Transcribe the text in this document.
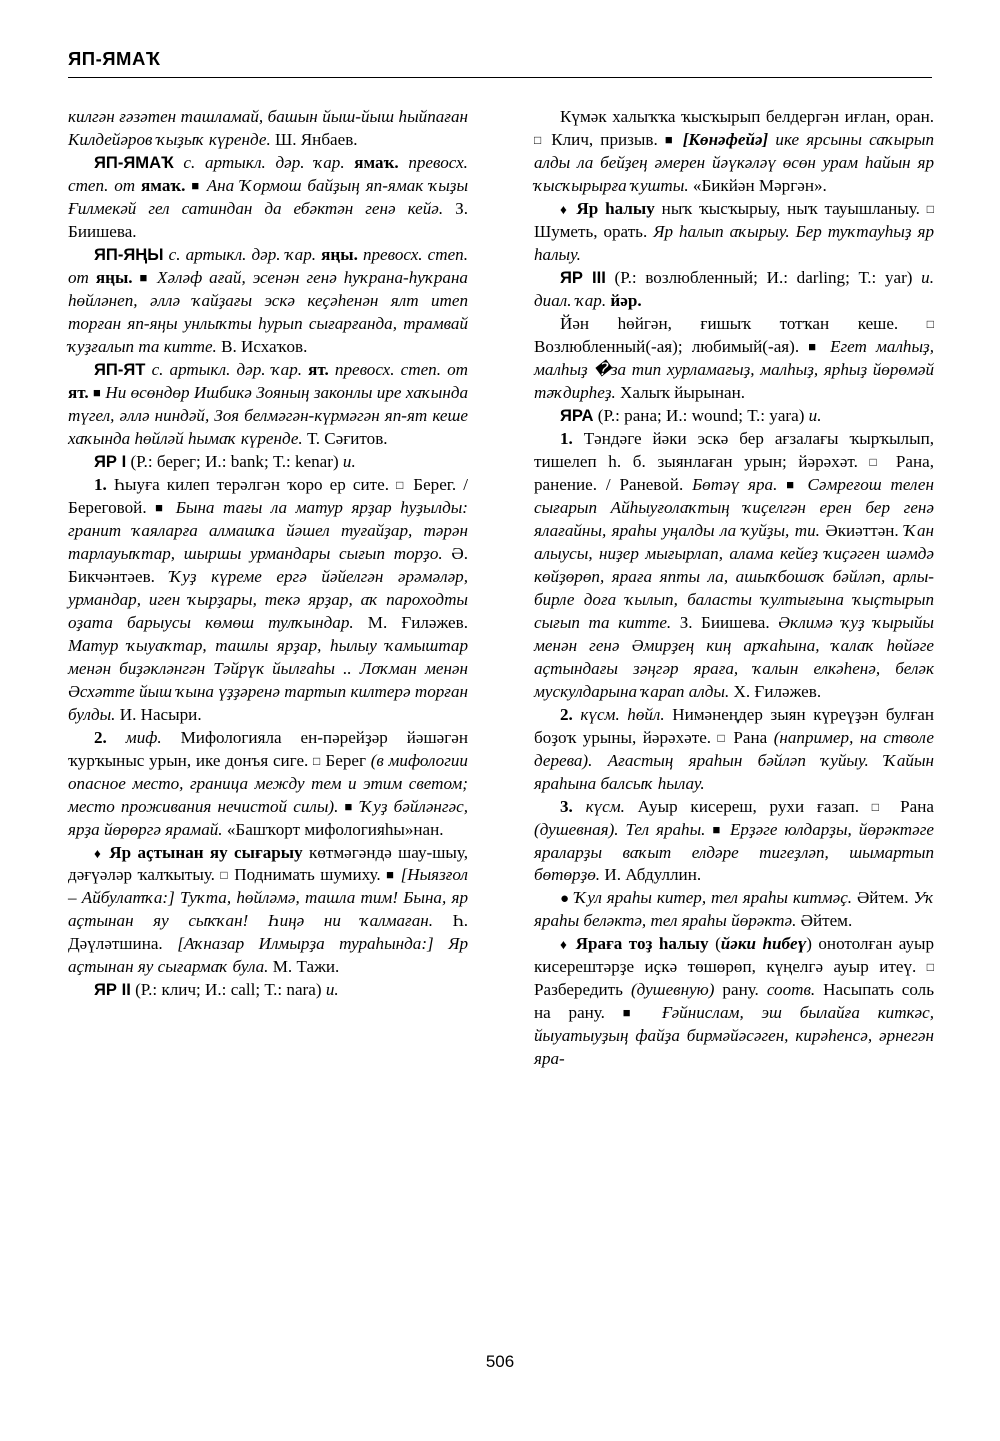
ЯП-ЯМАҠ

килгән ғәзәтен ташламай, башын йыш-йыш һыйпаған Килдейәров ҡыҙыҡ күренде. Ш. Янбаев.

ЯП-ЯМАҠ с. артыкл. дәр. ҡар. ямаҡ. превосх. степ. от ямаҡ. ■ Ана Ҡормош байҙың яп-ямак ҡыҙы Ғилмекәй гел сатиндан да ебәктән генә кейә. З. Биишева.

ЯП-ЯҢЫ с. артыкл. дәр. ҡар. яңы. превосх. степ. от яңы. ■ Хәләф ағай, эсенән генә һуҡрана-һуҡрана һөйләнеп, әллә ҡайҙағы эскә кеҫәһенән ялт итеп торған яп-яңы унлыҡты һурып сығарғанда, трамвай ҡуҙғалып та китте. В. Исхаҡов.

ЯП-ЯТ с. артыкл. дәр. ҡар. ят. превосх. степ. от ят. ■ Ни өсөндөр Ишбикә Зояның законлы ире хаҡында түгел, әллә ниндәй, Зоя белмәгән-күрмәгән яп-ят кеше хаҡында һөйләй һымаҡ күренде. Т. Сәғитов.

ЯР I (Р.: берег; И.: bank; Т.: kenar) и.

1. Һыуға килеп терәлгән ҡоро ер сите. □ Берег. / Береговой. ■ Бына тағы ла матур ярҙар һуҙылды: гранит ҡаяларға алмашҡа йәшел туғайҙар, тәрән тарлауыҡтар, шыршы урмандары сығып торҙо. Ә. Бикчәнтәев. Ҡуҙ күреме ергә йәйелгән әрәмәләр, урмандар, иген ҡырҙары, текә ярҙар, аҡ пароходты оҙата барыусы көмөш тулҡындар. М. Ғиләжев. Матур ҡыуаҡтар, ташлы ярҙар, һылыу ҡамыштар менән биҙәкләнгән Тәйрүк йылғаһы .. Лоҡман менән Әсхәтте йыш ҡына үҙҙәренә тартып килтерә торған булды. И. Насыри.

2. миф. Мифологияла ен-пәрейҙәр йәшәгән ҡурҡыныс урын, ике донъя сиге. □ Берег (в мифологии опасное место, граница между тем и этим светом; место проживания нечистой силы). ■ Ҡуҙ бәйләнгәс, ярҙа йөрөргә ярамай. «Башҡорт мифологияһы»нан.

♦ Яр аҫтынан яу сығарыу көтмәгәндә шау-шыу, дәғүәләр ҡалҡытыу. □ Поднимать шумиху. ■ [Ныязғол – Айбулатҡа:] Туҡта, һөйләмә, ташла тим! Бына, яр аҫтынан яу сыҡҡан! Һиңә ни ҡалмаған. Һ. Дәүләтшина. [Аҡназар Илмырҙа тураһында:] Яр аҫтынан яу сығармаҡ була. М. Тажи.

ЯР II (Р.: клич; И.: call; Т.: nara) и.

Күмәк халыҡҡа ҡысҡырып белдергән иғлан, оран. □ Клич, призыв. ■ [Көнәфейә] ике ярсыны саҡырып алды ла бейҙең әмерен йәүкәләү өсөн урам һайын яр ҡысҡырырға ҡушты. «Бикйән Мәргән».

♦ Яр һалыу ныҡ ҡысҡырыу, ныҡ тауышланыу. □ Шуметь, орать. Яр һалып аҡырыу. Бер туҡтауһыҙ яр һалыу.

ЯР III (Р.: возлюбленный; И.: darling; Т.: yar) и. диал. ҡар. йәр.

Йән һөйгән, ғишыҡ тотҡан кеше. □ Возлюбленный(-ая); любимый(-ая). ■ Егет малһыҙ, малһыҙ �за тип хурламағыҙ, малһыҙ, ярһыҙ йөрөмәй тәҡдирһеҙ. Халыҡ йырынан.

ЯРА (Р.: рана; И.: wound; Т.: yara) и.

1. Тәндәге йәки эскә бер ағзалағы ҡырҡылып, тишелеп һ. б. зыянлаған урын; йәрәхәт. □ Рана, ранение. / Раневой. Бөтәү яра. ■ Сәмреғош телен сығарып Айһыуғолаҡтың ҡиҫелгән ерен бер генә ялағайны, яраһы уңалды ла ҡуйҙы, ти. Әкиәттән. Ҡан алыусы, ниҙер мығырлап, алама кейеҙ ҡиҫәген шәмдә көйҙөрөп, яраға япты ла, ашыҡбошоҡ бәйләп, арлы-бирле доға ҡылып, баласты ҡултығына ҡыҫтырып сығып та китте. З. Биишева. Әклимә ҡуҙ ҡырыйы менән генә Әмирҙең киң арҡаһына, ҡалаҡ һөйәге аҫтындағы зәңгәр яраға, ҡалын елкәһенә, беләк мускулдарына ҡарап алды. Х. Ғиләжев.

2. күсм. һөйл. Нимәнеңдер зыян күреүҙән булған боҙоҡ урыны, йәрәхәте. □ Рана (например, на стволе дерева). Ағастың яраһын бәйләп ҡуйыу. Ҡайын яраһына балсыҡ һылау.

3. күсм. Ауыр кисереш, рухи ғазап. □ Рана (душевная). Тел яраһы. ■ Ерҙәге юлдарҙы, йөрәктәге яраларҙы ваҡыт елдәре тигеҙләп, шымартып бөтөрҙө. И. Абдуллин.

● Ҡул яраһы китер, тел яраһы китмәҫ. Әйтем. Уҡ яраһы беләктә, тел яраһы йөрәктә. Әйтем.

♦ Яраға тоҙ һалыу (йәки һибеү) онотолған ауыр кисерештәрҙе иҫкә төшөрөп, күңелгә ауыр итеү. □ Разбередить (душевную) рану. соотв. Насыпать соль на рану. ■ Ғәйнислам, эш былайға киткәс, йыуатыуҙың файҙа бирмәйәсәген, кирәһенсә, әрнегән яра-

506
